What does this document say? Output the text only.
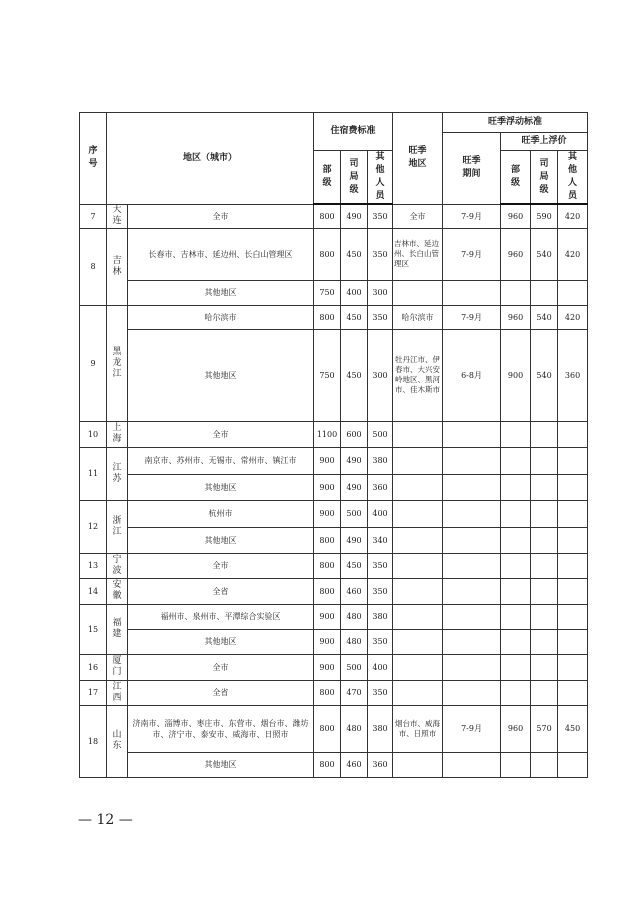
序号	地区（城市）		住宿费标准			旺季地区	旺季浮动标准			
							旺季期间	旺季上浮价		
			部级	司局级	其他人员			部级	司局级	其他人员
7	大连	全市	800	490	350	全市	7-9月	960	590	420
8	吉林	长春市、吉林市、延边州、长白山管理区	800	450	350	吉林市、延边州、长白山管理区	7-9月	960	540	420
		其他地区	750	400	300					
9	黑龙江	哈尔滨市	800	450	350	哈尔滨市	7-9月	960	540	420
		其他地区	750	450	300	牡丹江市、伊春市、大兴安岭地区、黑河市、佳木斯市	6-8月	900	540	360
10	上海	全市	1100	600	500					
11	江苏	南京市、苏州市、无锡市、常州市、镇江市	900	490	380					
		其他地区	900	490	360					
12	浙江	杭州市	900	500	400					
		其他地区	800	490	340					
13	宁波	全市	800	450	350					
14	安徽	全省	800	460	350					
15	福建	福州市、泉州市、平潭综合实验区	900	480	380					
		其他地区	900	480	350					
16	厦门	全市	900	500	400					
17	江西	全省	800	470	350					
18	山东	济南市、淄博市、枣庄市、东营市、烟台市、潍坊市、济宁市、泰安市、威海市、日照市	800	480	380	烟台市、威海市、日照市	7-9月	960	570	450
		其他地区	800	460	360					
— 12 —
